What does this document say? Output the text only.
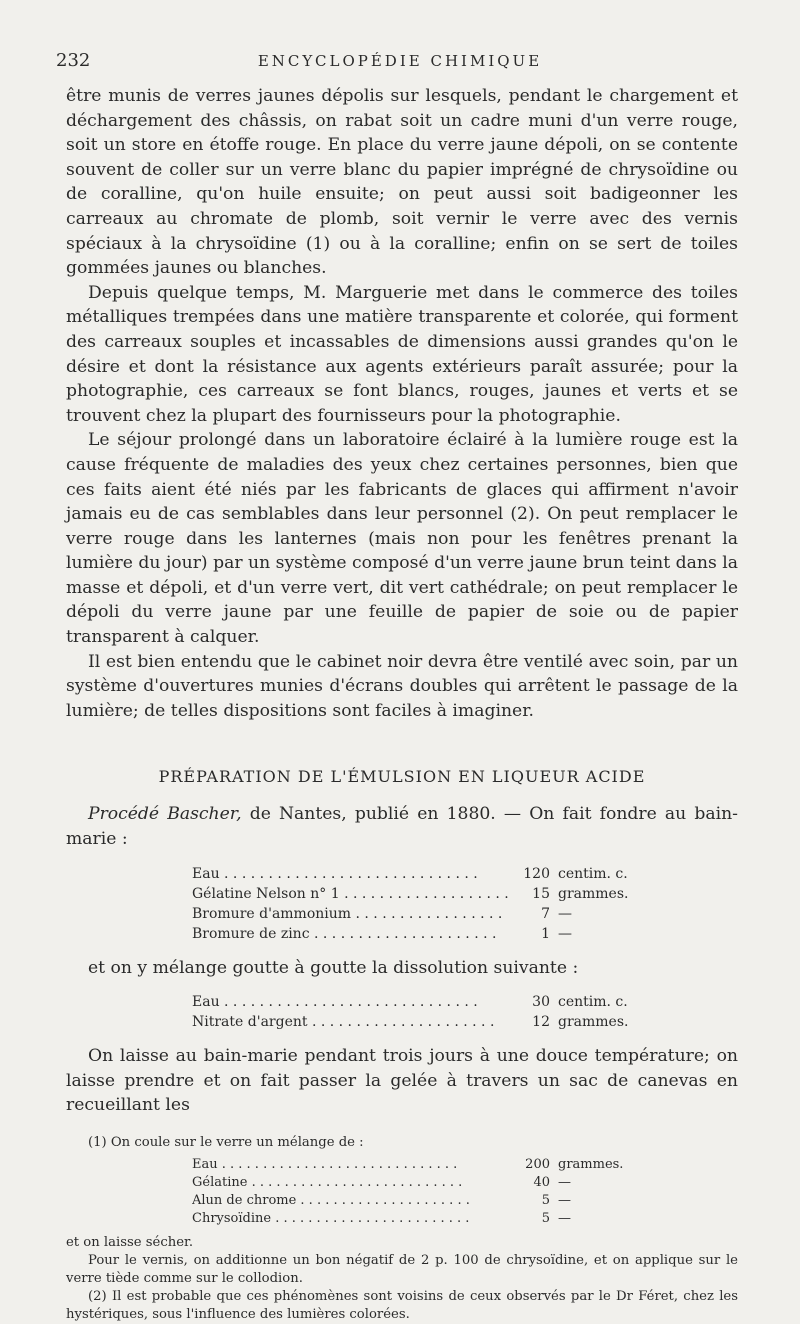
232	ENCYCLOPÉDIE CHIMIQUE

être munis de verres jaunes dépolis sur lesquels, pendant le chargement et déchargement des châssis, on rabat soit un cadre muni d'un verre rouge, soit un store en étoffe rouge. En place du verre jaune dépoli, on se contente souvent de coller sur un verre blanc du papier imprégné de chrysoïdine ou de coralline, qu'on huile ensuite; on peut aussi soit badigeonner les carreaux au chromate de plomb, soit vernir le verre avec des vernis spéciaux à la chrysoïdine (1) ou à la coralline; enfin on se sert de toiles gommées jaunes ou blanches.

Depuis quelque temps, M. Marguerie met dans le commerce des toiles métalliques trempées dans une matière transparente et colorée, qui forment des carreaux souples et incassables de dimensions aussi grandes qu'on le désire et dont la résistance aux agents extérieurs paraît assurée; pour la photographie, ces carreaux se font blancs, rouges, jaunes et verts et se trouvent chez la plupart des fournisseurs pour la photographie.

Le séjour prolongé dans un laboratoire éclairé à la lumière rouge est la cause fréquente de maladies des yeux chez certaines personnes, bien que ces faits aient été niés par les fabricants de glaces qui affirment n'avoir jamais eu de cas semblables dans leur personnel (2). On peut remplacer le verre rouge dans les lanternes (mais non pour les fenêtres prenant la lumière du jour) par un système composé d'un verre jaune brun teint dans la masse et dépoli, et d'un verre vert, dit vert cathédrale; on peut remplacer le dépoli du verre jaune par une feuille de papier de soie ou de papier transparent à calquer.

Il est bien entendu que le cabinet noir devra être ventilé avec soin, par un système d'ouvertures munies d'écrans doubles qui arrêtent le passage de la lumière; de telles dispositions sont faciles à imaginer.

PRÉPARATION DE L'ÉMULSION EN LIQUEUR ACIDE

Procédé Bascher, de Nantes, publié en 1880. — On fait fondre au bain-marie :

Eau . . . . . . . . . . . . . . . . . . . . . . . . . . . . .	120 centim. c.
Gélatine Nelson n° 1 . . . . . . . . . . . . . . . . . . .	15 grammes.
Bromure d'ammonium . . . . . . . . . . . . . . . . .	7 —
Bromure de zinc . . . . . . . . . . . . . . . . . . . . .	1 —

et on y mélange goutte à goutte la dissolution suivante :

Eau . . . . . . . . . . . . . . . . . . . . . . . . . . . . .	30 centim. c.
Nitrate d'argent . . . . . . . . . . . . . . . . . . . . .	12 grammes.

On laisse au bain-marie pendant trois jours à une douce température; on laisse prendre et on fait passer la gelée à travers un sac de canevas en recueillant les

(1) On coule sur le verre un mélange de :

Eau . . . . . . . . . . . . . . . . . . . . . . . . . . . . .	200 grammes.
Gélatine . . . . . . . . . . . . . . . . . . . . . . . . . .	40 —
Alun de chrome . . . . . . . . . . . . . . . . . . . . .	5 —
Chrysoïdine . . . . . . . . . . . . . . . . . . . . . . . .	5 —

et on laisse sécher.

Pour le vernis, on additionne un bon négatif de 2 p. 100 de chrysoïdine, et on applique sur le verre tiède comme sur le collodion.

(2) Il est probable que ces phénomènes sont voisins de ceux observés par le Dr Féret, chez les hystériques, sous l'influence des lumières colorées.
